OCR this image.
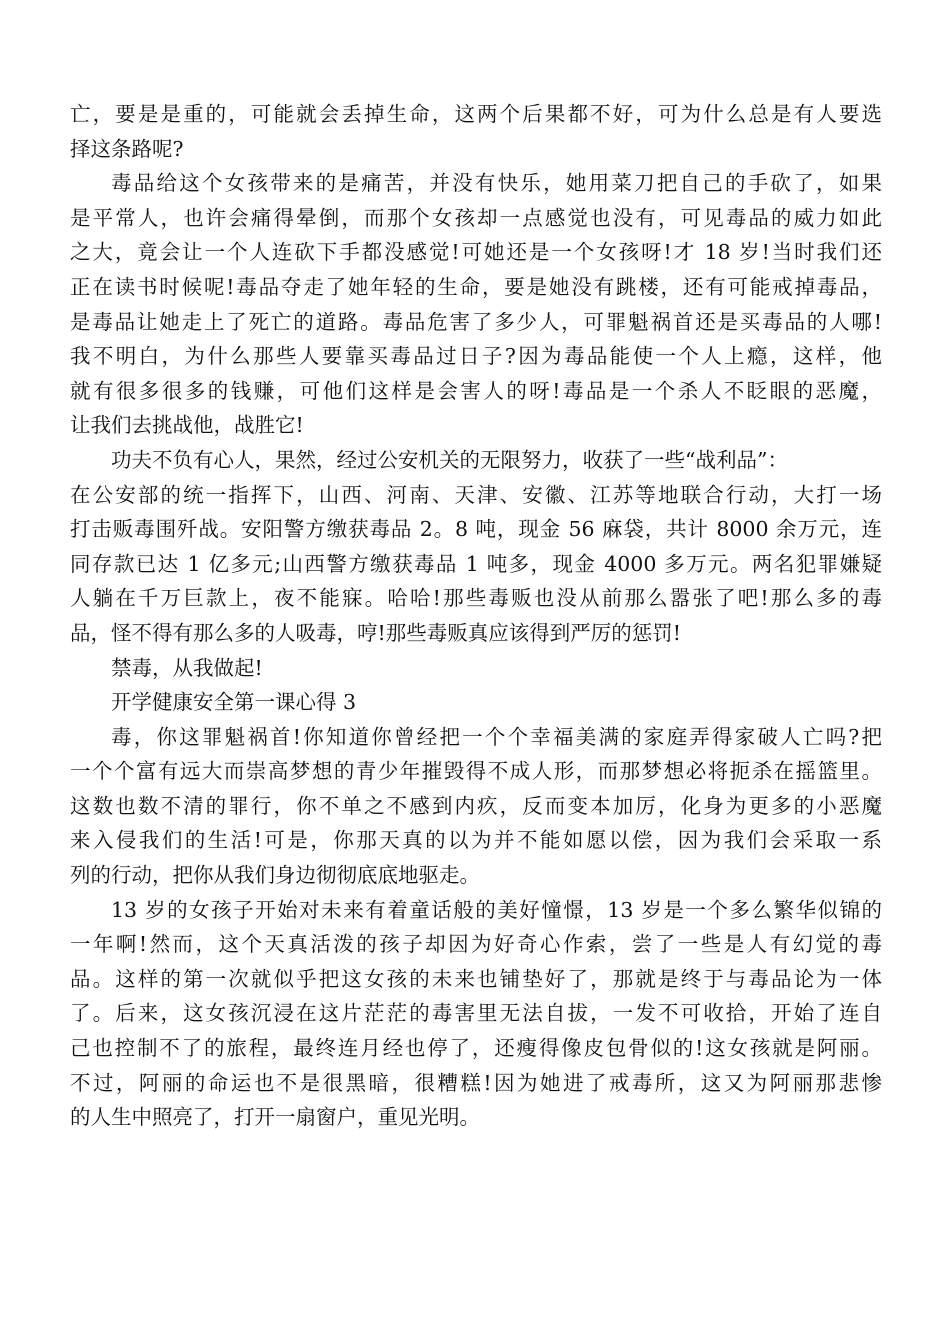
亡，要是是重的，可能就会丢掉生命，这两个后果都不好，可为什么总是有人要选
择这条路呢?
毒品给这个女孩带来的是痛苦，并没有快乐，她用菜刀把自己的手砍了，如果
是平常人，也许会痛得晕倒，而那个女孩却一点感觉也没有，可见毒品的威力如此
之大，竟会让一个人连砍下手都没感觉!可她还是一个女孩呀!才 18 岁!当时我们还
正在读书时候呢!毒品夺走了她年轻的生命，要是她没有跳楼，还有可能戒掉毒品，
是毒品让她走上了死亡的道路。毒品危害了多少人，可罪魁祸首还是买毒品的人哪!
我不明白，为什么那些人要靠买毒品过日子?因为毒品能使一个人上瘾，这样，他
就有很多很多的钱赚，可他们这样是会害人的呀!毒品是一个杀人不眨眼的恶魔，
让我们去挑战他，战胜它!
功夫不负有心人，果然，经过公安机关的无限努力，收获了一些“战利品”：
在公安部的统一指挥下，山西、河南、天津、安徽、江苏等地联合行动，大打一场
打击贩毒围歼战。安阳警方缴获毒品 2。8 吨，现金 56 麻袋，共计 8000 余万元，连
同存款已达 1 亿多元;山西警方缴获毒品 1 吨多，现金 4000 多万元。两名犯罪嫌疑
人躺在千万巨款上，夜不能寐。哈哈!那些毒贩也没从前那么嚣张了吧!那么多的毒
品，怪不得有那么多的人吸毒，哼!那些毒贩真应该得到严厉的惩罚!
禁毒，从我做起!
开学健康安全第一课心得 3
毒，你这罪魁祸首!你知道你曾经把一个个幸福美满的家庭弄得家破人亡吗?把
一个个富有远大而崇高梦想的青少年摧毁得不成人形，而那梦想必将扼杀在摇篮里。
这数也数不清的罪行，你不单之不感到内疚，反而变本加厉，化身为更多的小恶魔
来入侵我们的生活!可是，你那天真的以为并不能如愿以偿，因为我们会采取一系
列的行动，把你从我们身边彻彻底底地驱走。
13 岁的女孩子开始对未来有着童话般的美好憧憬，13 岁是一个多么繁华似锦的
一年啊!然而，这个天真活泼的孩子却因为好奇心作索，尝了一些是人有幻觉的毒
品。这样的第一次就似乎把这女孩的未来也铺垫好了，那就是终于与毒品论为一体
了。后来，这女孩沉浸在这片茫茫的毒害里无法自拔，一发不可收拾，开始了连自
己也控制不了的旅程，最终连月经也停了，还瘦得像皮包骨似的!这女孩就是阿丽。
不过，阿丽的命运也不是很黑暗，很糟糕!因为她进了戒毒所，这又为阿丽那悲惨
的人生中照亮了，打开一扇窗户，重见光明。
